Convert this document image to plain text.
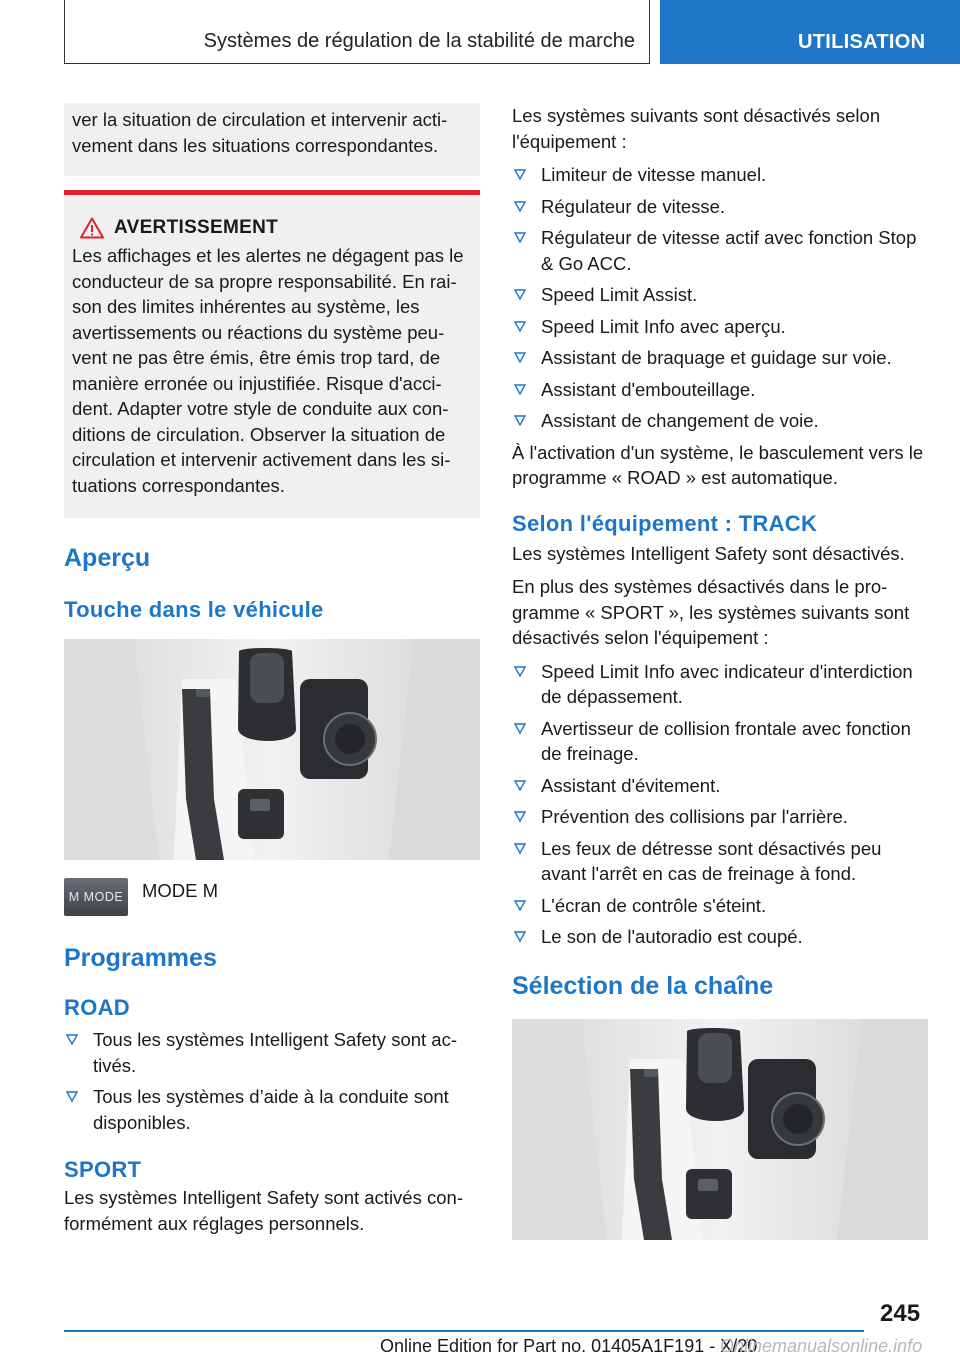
Systèmes de régulation de la stabilité de marche	UTILISATION

ver la situation de circulation et intervenir activement dans les situations correspondantes.

AVERTISSEMENT

Les affichages et les alertes ne dégagent pas le conducteur de sa propre responsabilité. En raison des limites inhérentes au système, les avertissements ou réactions du système peuvent ne pas être émis, être émis trop tard, de manière erronée ou injustifiée. Risque d'accident. Adapter votre style de conduite aux conditions de circulation. Observer la situation de circulation et intervenir activement dans les situations correspondantes.

Aperçu
Touche dans le véhicule
M MODE MODE M
Programmes
ROAD
Tous les systèmes Intelligent Safety sont activés.
Tous les systèmes d’aide à la conduite sont disponibles.
SPORT

Les systèmes Intelligent Safety sont activés conformément aux réglages personnels.

Les systèmes suivants sont désactivés selon l'équipement :

Limiteur de vitesse manuel.
Régulateur de vitesse.
Régulateur de vitesse actif avec fonction Stop & Go ACC.
Speed Limit Assist.
Speed Limit Info avec aperçu.
Assistant de braquage et guidage sur voie.
Assistant d'embouteillage.
Assistant de changement de voie.

À l'activation d'un système, le basculement vers le programme « ROAD » est automatique.

Selon l'équipement : TRACK

Les systèmes Intelligent Safety sont désactivés.

En plus des systèmes désactivés dans le programme « SPORT », les systèmes suivants sont désactivés selon l'équipement :

Speed Limit Info avec indicateur d'interdiction de dépassement.
Avertisseur de collision frontale avec fonction de freinage.
Assistant d'évitement.
Prévention des collisions par l'arrière.
Les feux de détresse sont désactivés peu avant l'arrêt en cas de freinage à fond.
L'écran de contrôle s'éteint.
Le son de l'autoradio est coupé.
Sélection de la chaîne
245
Online Edition for Part no. 01405A1F191 - X/20
Onlinemanualsonline.info
